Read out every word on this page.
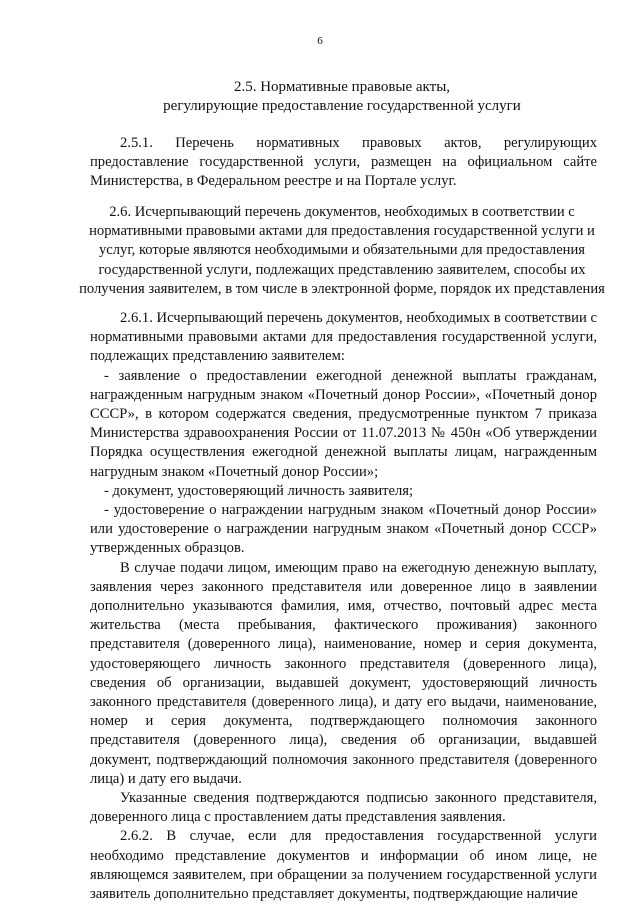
6
2.5. Нормативные правовые акты,
регулирующие предоставление государственной услуги

2.5.1. Перечень нормативных правовых актов, регулирующих предоставление государственной услуги, размещен на официальном сайте Министерства, в Федеральном реестре и на Портале услуг.

2.6. Исчерпывающий перечень документов, необходимых в соответствии с нормативными правовыми актами для предоставления государственной услуги и услуг, которые являются необходимыми и обязательными для предоставления государственной услуги, подлежащих представлению заявителем, способы их получения заявителем, в том числе в электронной форме, порядок их представления

2.6.1. Исчерпывающий перечень документов, необходимых в соответствии с нормативными правовыми актами для предоставления государственной услуги, подлежащих представлению заявителем:

- заявление о предоставлении ежегодной денежной выплаты гражданам, награжденным нагрудным знаком «Почетный донор России», «Почетный донор СССР», в котором содержатся сведения, предусмотренные пунктом 7 приказа Министерства здравоохранения России от 11.07.2013 № 450н «Об утверждении Порядка осуществления ежегодной денежной выплаты лицам, награжденным нагрудным знаком «Почетный донор России»;

- документ, удостоверяющий личность заявителя;

- удостоверение о награждении нагрудным знаком «Почетный донор России» или удостоверение о награждении нагрудным знаком «Почетный донор СССР» утвержденных образцов.

В случае подачи лицом, имеющим право на ежегодную денежную выплату, заявления через законного представителя или доверенное лицо в заявлении дополнительно указываются фамилия, имя, отчество, почтовый адрес места жительства (места пребывания, фактического проживания) законного представителя (доверенного лица), наименование, номер и серия документа, удостоверяющего личность законного представителя (доверенного лица), сведения об организации, выдавшей документ, удостоверяющий личность законного представителя (доверенного лица), и дату его выдачи, наименование, номер и серия документа, подтверждающего полномочия законного представителя (доверенного лица), сведения об организации, выдавшей документ, подтверждающий полномочия законного представителя (доверенного лица) и дату его выдачи.

Указанные сведения подтверждаются подписью законного представителя, доверенного лица с проставлением даты представления заявления.

2.6.2. В случае, если для предоставления государственной услуги необходимо представление документов и информации об ином лице, не являющемся заявителем, при обращении за получением государственной услуги заявитель дополнительно представляет документы, подтверждающие наличие
